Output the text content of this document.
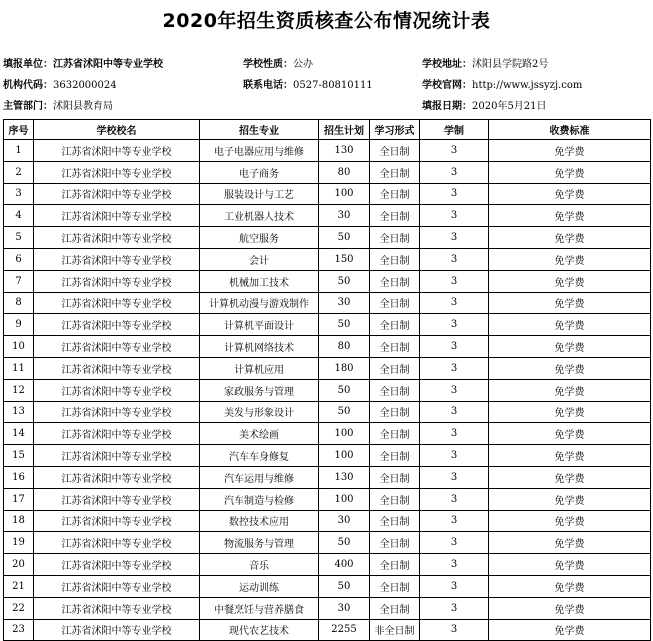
2020年招生资质核查公布情况统计表
填报单位：江苏省沭阳中等专业学校	学校性质：公办	学校地址：沭阳县学院路2号
机构代码：3632000024	联系电话：0527-80810111	学校官网：http://www.jssyzj.com
主管部门：沭阳县教育局	填报日期：2020年5月21日
序号	学校校名	招生专业	招生计划	学习形式	学制	收费标准
1	江苏省沭阳中等专业学校	电子电器应用与维修	130	全日制	3	免学费
2	江苏省沭阳中等专业学校	电子商务	80	全日制	3	免学费
3	江苏省沭阳中等专业学校	服装设计与工艺	100	全日制	3	免学费
4	江苏省沭阳中等专业学校	工业机器人技术	30	全日制	3	免学费
5	江苏省沭阳中等专业学校	航空服务	50	全日制	3	免学费
6	江苏省沭阳中等专业学校	会计	150	全日制	3	免学费
7	江苏省沭阳中等专业学校	机械加工技术	50	全日制	3	免学费
8	江苏省沭阳中等专业学校	计算机动漫与游戏制作	30	全日制	3	免学费
9	江苏省沭阳中等专业学校	计算机平面设计	50	全日制	3	免学费
10	江苏省沭阳中等专业学校	计算机网络技术	80	全日制	3	免学费
11	江苏省沭阳中等专业学校	计算机应用	180	全日制	3	免学费
12	江苏省沭阳中等专业学校	家政服务与管理	50	全日制	3	免学费
13	江苏省沭阳中等专业学校	美发与形象设计	50	全日制	3	免学费
14	江苏省沭阳中等专业学校	美术绘画	100	全日制	3	免学费
15	江苏省沭阳中等专业学校	汽车车身修复	100	全日制	3	免学费
16	江苏省沭阳中等专业学校	汽车运用与维修	130	全日制	3	免学费
17	江苏省沭阳中等专业学校	汽车制造与检修	100	全日制	3	免学费
18	江苏省沭阳中等专业学校	数控技术应用	30	全日制	3	免学费
19	江苏省沭阳中等专业学校	物流服务与管理	50	全日制	3	免学费
20	江苏省沭阳中等专业学校	音乐	400	全日制	3	免学费
21	江苏省沭阳中等专业学校	运动训练	50	全日制	3	免学费
22	江苏省沭阳中等专业学校	中餐烹饪与营养膳食	30	全日制	3	免学费
23	江苏省沭阳中等专业学校	现代农艺技术	2255	非全日制	3	免学费
